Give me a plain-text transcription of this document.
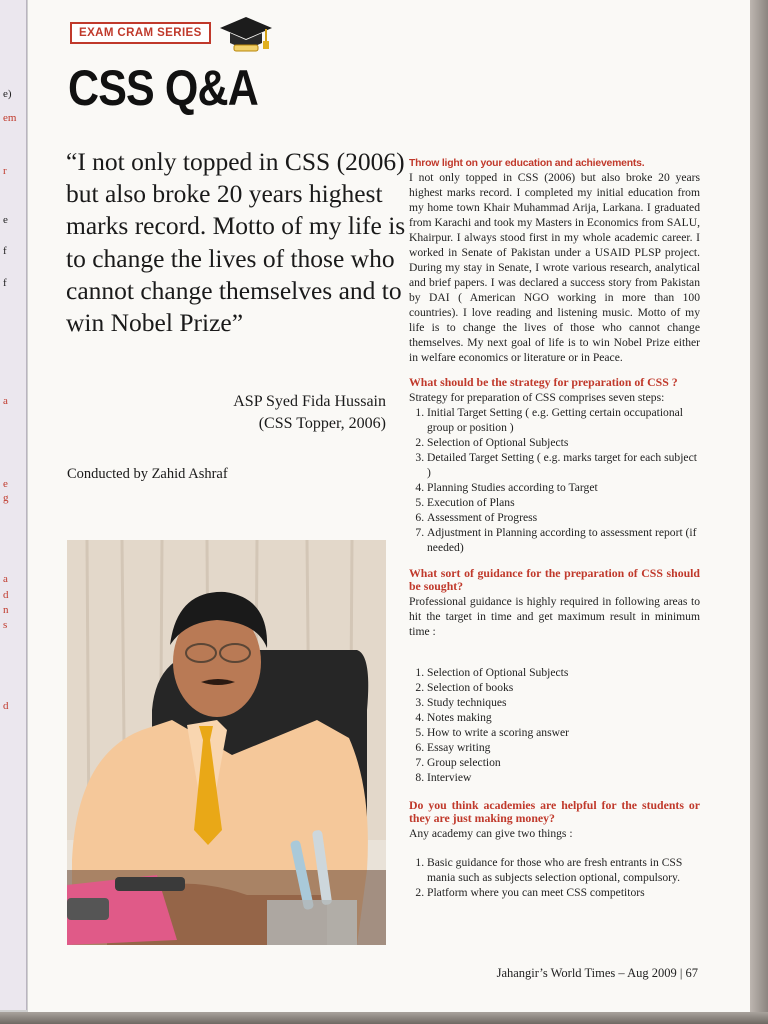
e)
em
r
e
f
f
a
e
g
a
d
n
s
d
EXAM CRAM SERIES
CSS Q&A

“I not only topped in CSS (2006) but also broke 20 years highest marks record. Motto of my life is to change the lives of those who cannot change themselves and to win Nobel Prize”

ASP Syed Fida Hussain
(CSS Topper, 2006)
Conducted by Zahid Ashraf
Throw light on your education and achievements.

I not only topped in CSS (2006) but also broke 20 years highest marks record. I completed my initial education from my home town Khair Muhammad Arija, Larkana. I graduated from Karachi and took my Masters in Economics from SALU, Khairpur. I always stood first in my whole academic career. I worked in Senate of Pakistan under a USAID PLSP project. During my stay in Senate, I wrote various research, analytical and brief papers. I was declared a success story from Pakistan by DAI ( American NGO working in more than 100 countries). I love reading and listening music. Motto of my life is to change the lives of those who cannot change themselves. My next goal of life is to win Nobel Prize either in welfare economics or literature or in Peace.

What should be the strategy for preparation of CSS ?

Strategy for preparation of CSS comprises seven steps:

1. Initial Target Setting ( e.g. Getting certain occupational group or position )
2. Selection of Optional Subjects
3. Detailed Target Setting ( e.g. marks target for each subject )
4. Planning Studies according to Target
5. Execution of Plans
6. Assessment of Progress
7. Adjustment in Planning according to assessment report (if needed)
What sort of guidance for the preparation of CSS should be sought?

Professional guidance is highly required in following areas to hit the target in time and get maximum result in minimum time :

1. Selection of Optional Subjects
2. Selection of books
3. Study techniques
4. Notes making
5. How to write a scoring answer
6. Essay writing
7. Group selection
8. Interview
Do you think academies are helpful for the students or they are just making money?

Any academy can give two things :

1. Basic guidance for those who are fresh entrants in CSS mania such as subjects selection optional, compulsory.
2. Platform where you can meet CSS competitors
Jahangir’s World Times – Aug 2009 | 67
